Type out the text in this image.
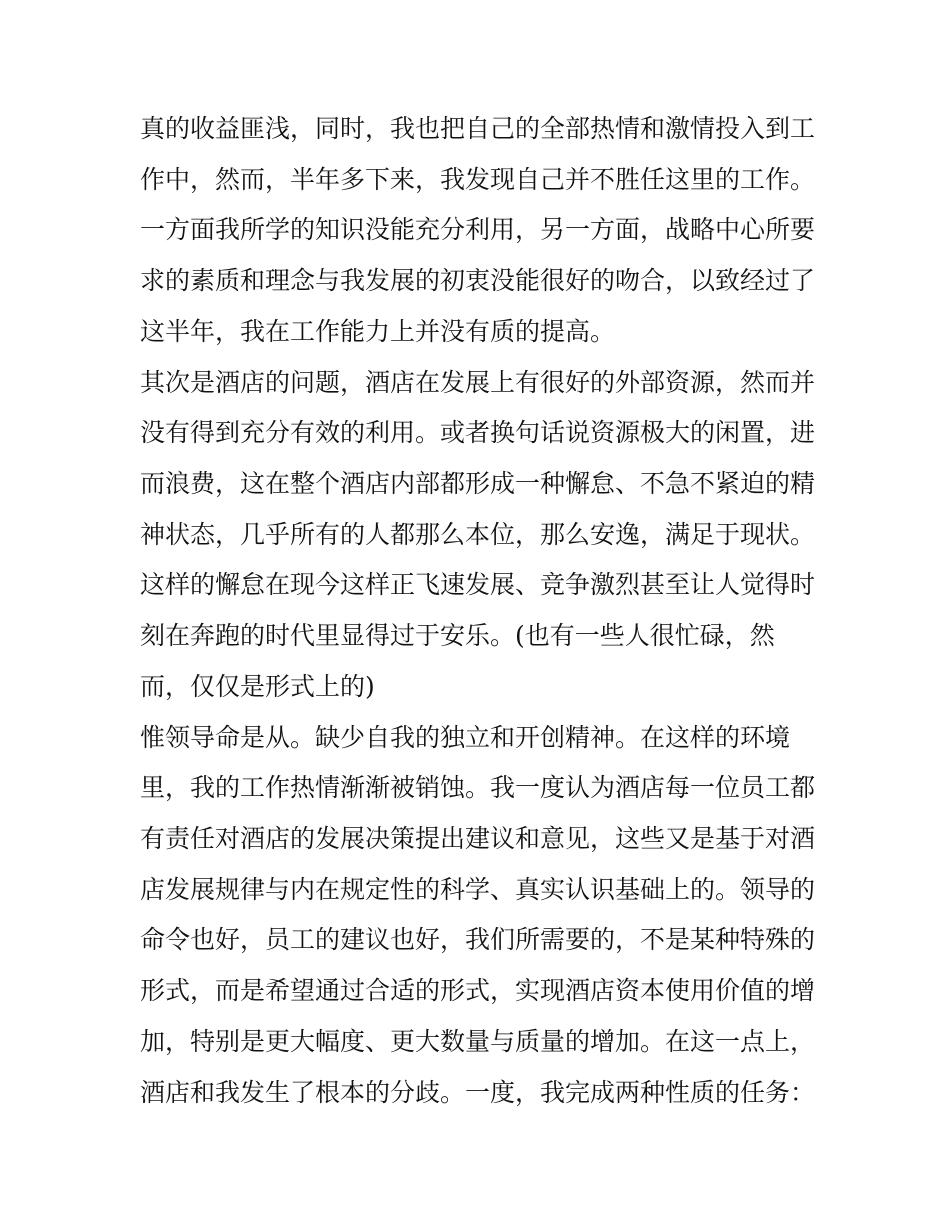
真的收益匪浅，同时，我也把自己的全部热情和激情投入到工
作中，然而，半年多下来，我发现自己并不胜任这里的工作。
一方面我所学的知识没能充分利用，另一方面，战略中心所要
求的素质和理念与我发展的初衷没能很好的吻合，以致经过了
这半年，我在工作能力上并没有质的提高。
其次是酒店的问题，酒店在发展上有很好的外部资源，然而并
没有得到充分有效的利用。或者换句话说资源极大的闲置，进
而浪费，这在整个酒店内部都形成一种懈怠、不急不紧迫的精
神状态，几乎所有的人都那么本位，那么安逸，满足于现状。
这样的懈怠在现今这样正飞速发展、竞争激烈甚至让人觉得时
刻在奔跑的时代里显得过于安乐。(也有一些人很忙碌，然
而，仅仅是形式上的)
惟领导命是从。缺少自我的独立和开创精神。在这样的环境
里，我的工作热情渐渐被销蚀。我一度认为酒店每一位员工都
有责任对酒店的发展决策提出建议和意见，这些又是基于对酒
店发展规律与内在规定性的科学、真实认识基础上的。领导的
命令也好，员工的建议也好，我们所需要的，不是某种特殊的
形式，而是希望通过合适的形式，实现酒店资本使用价值的增
加，特别是更大幅度、更大数量与质量的增加。在这一点上，
酒店和我发生了根本的分歧。一度，我完成两种性质的任务：
